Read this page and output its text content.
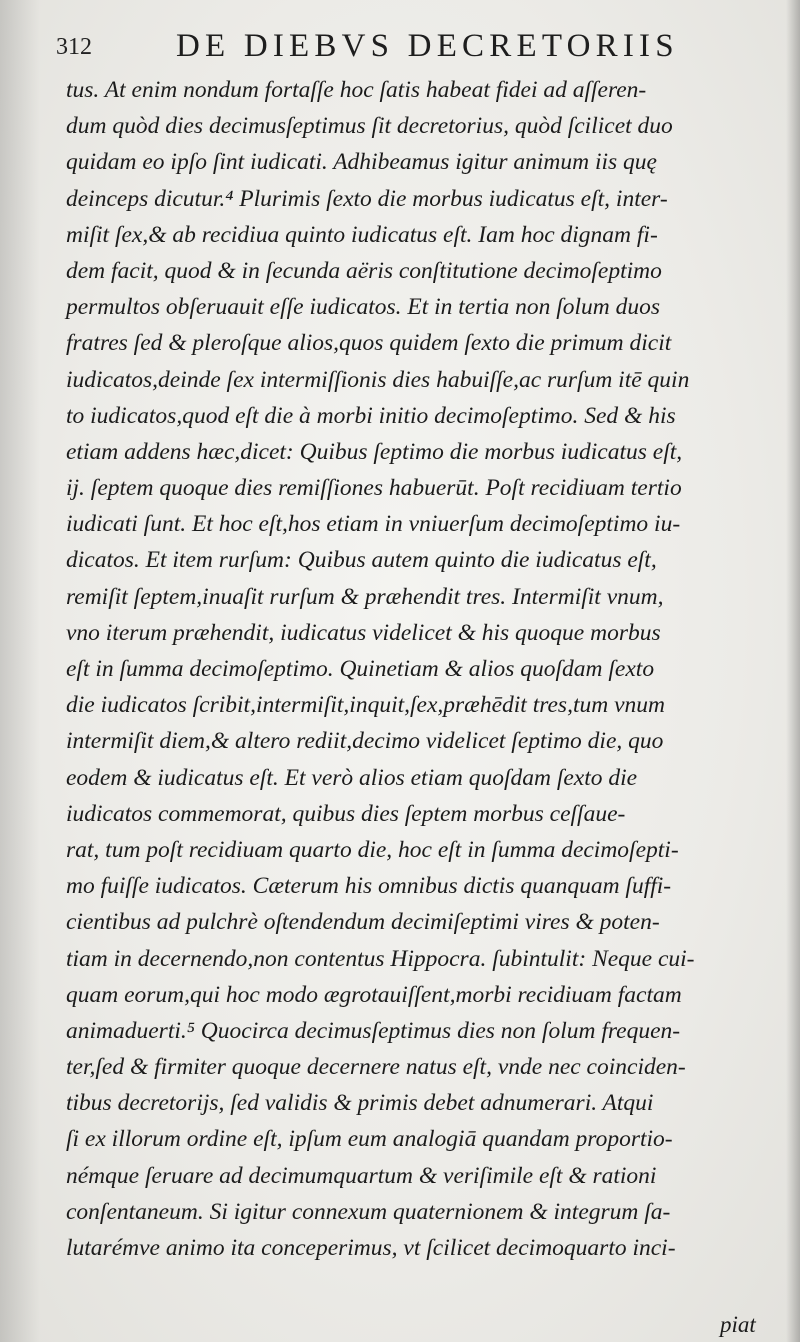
312	DE DIEBVS DECRETORIIS
tus. At enim nondum fortaſſe hoc ſatis habeat fidei ad aſſeren-
dum quòd dies decimusſeptimus ſit decretorius, quòd ſcilicet duo
quidam eo ipſo ſint iudicati. Adhibeamus igitur animum iis quę
deinceps dicutur.⁴ Plurimis ſexto die morbus iudicatus eſt, inter-
miſit ſex,& ab recidiua quinto iudicatus eſt. Iam hoc dignam fi-
dem facit, quod & in ſecunda aëris conſtitutione decimoſeptimo
permultos obſeruauit eſſe iudicatos. Et in tertia non ſolum duos
fratres ſed & pleroſque alios,quos quidem ſexto die primum dicit
iudicatos,deinde ſex intermiſſionis dies habuiſſe,ac rurſum itē quin
to iudicatos,quod eſt die à morbi initio decimoſeptimo. Sed & his
etiam addens hæc,dicet: Quibus ſeptimo die morbus iudicatus eſt,
ij. ſeptem quoque dies remiſſiones habuerūt. Poſt recidiuam tertio
iudicati ſunt. Et hoc eſt,hos etiam in vniuerſum decimoſeptimo iu-
dicatos. Et item rurſum: Quibus autem quinto die iudicatus eſt,
remiſit ſeptem,inuaſit rurſum & præhendit tres. Intermiſit vnum,
vno iterum præhendit, iudicatus videlicet & his quoque morbus
eſt in ſumma decimoſeptimo. Quinetiam & alios quoſdam ſexto
die iudicatos ſcribit,intermiſit,inquit,ſex,præhēdit tres,tum vnum
intermiſit diem,& altero rediit,decimo videlicet ſeptimo die, quo
eodem & iudicatus eſt. Et verò alios etiam quoſdam ſexto die
iudicatos commemorat, quibus dies ſeptem morbus ceſſaue-
rat, tum poſt recidiuam quarto die, hoc eſt in ſumma decimoſepti-
mo fuiſſe iudicatos. Cæterum his omnibus dictis quanquam ſuffi-
cientibus ad pulchrè oſtendendum decimiſeptimi vires & poten-
tiam in decernendo,non contentus Hippocra. ſubintulit: Neque cui-
quam eorum,qui hoc modo ægrotauiſſent,morbi recidiuam factam
animaduerti.⁵ Quocirca decimusſeptimus dies non ſolum frequen-
ter,ſed & firmiter quoque decernere natus eſt, vnde nec coinciden-
tibus decretorijs, ſed validis & primis debet adnumerari. Atqui
ſi ex illorum ordine eſt, ipſum eum analogiā quandam proportio-
némque ſeruare ad decimumquartum & veriſimile eſt & rationi
conſentaneum. Si igitur connexum quaternionem & integrum ſa-
lutarémve animo ita conceperimus, vt ſcilicet decimoquarto inci-
piat
